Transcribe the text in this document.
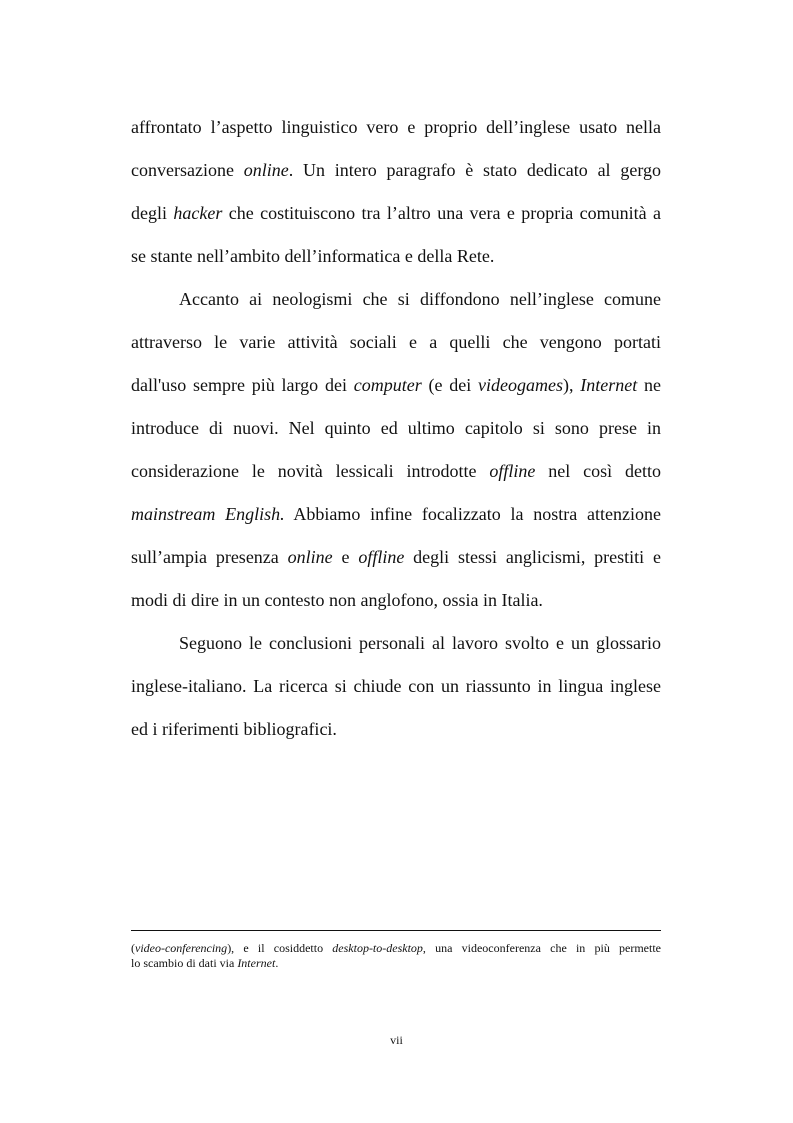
affrontato l’aspetto linguistico vero e proprio dell’inglese usato nella
conversazione online. Un intero paragrafo è stato dedicato al gergo
degli hacker che costituiscono tra l’altro una vera e propria comunità a
se stante nell’ambito dell’informatica e della Rete.
Accanto ai neologismi che si diffondono nell’inglese comune
attraverso le varie attività sociali e a quelli che vengono portati
dall'uso sempre più largo dei computer (e dei videogames), Internet ne
introduce di nuovi. Nel quinto ed ultimo capitolo si sono prese in
considerazione le novità lessicali introdotte offline nel così detto
mainstream English. Abbiamo infine focalizzato la nostra attenzione
sull’ampia presenza online e offline degli stessi anglicismi, prestiti e
modi di dire in un contesto non anglofono, ossia in Italia.
Seguono le conclusioni personali al lavoro svolto e un glossario
inglese-italiano. La ricerca si chiude con un riassunto in lingua inglese
ed i riferimenti bibliografici.
(video-conferencing), e il cosiddetto desktop-to-desktop, una videoconferenza che in più permette
lo scambio di dati via Internet.
vii
